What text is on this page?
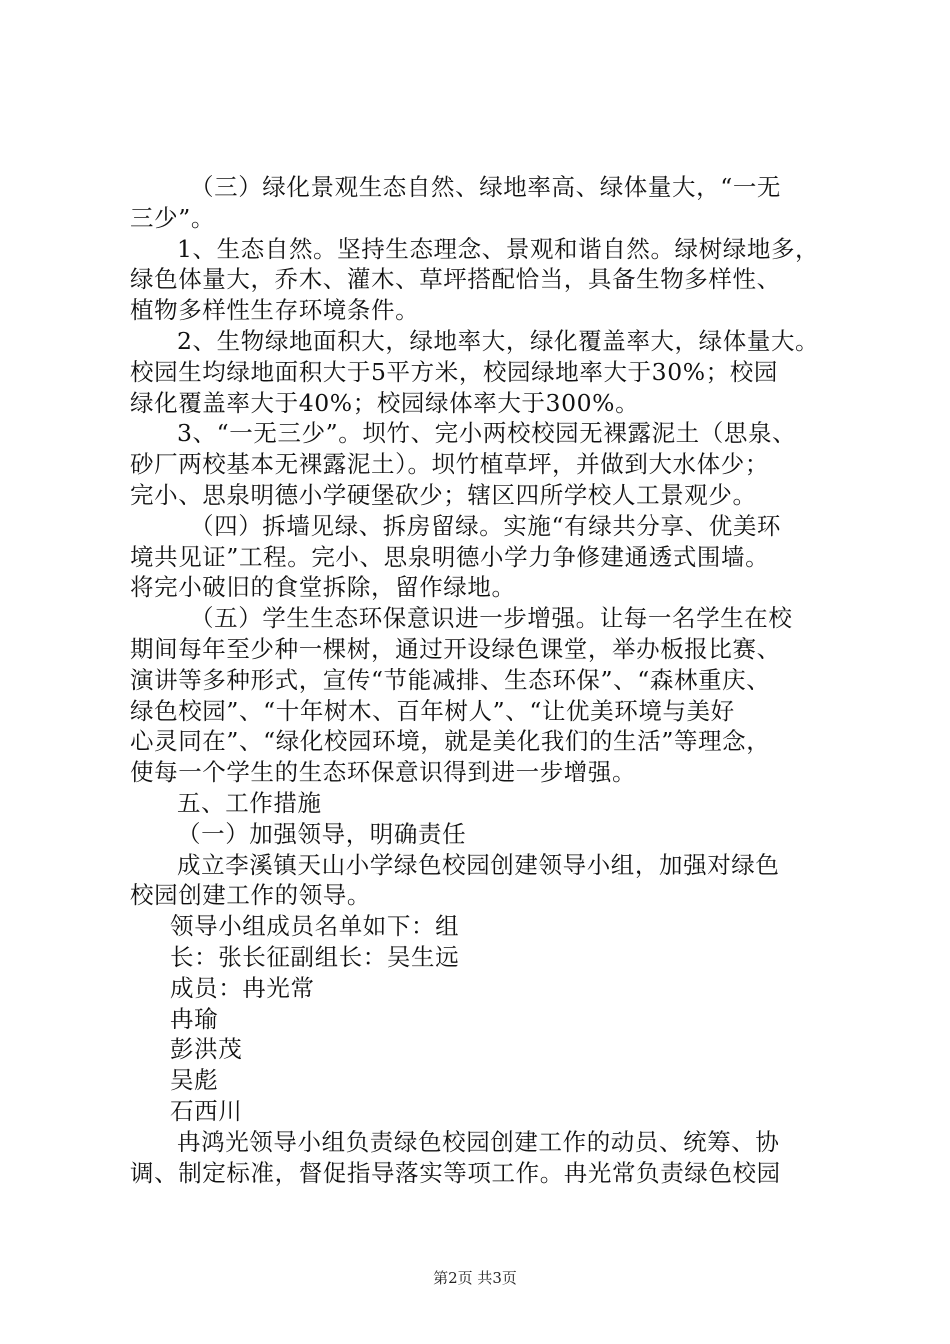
（三）绿化景观生态自然、绿地率高、绿体量大，“一无
三少”。
1、生态自然。坚持生态理念、景观和谐自然。绿树绿地多，
绿色体量大，乔木、灌木、草坪搭配恰当，具备生物多样性、
植物多样性生存环境条件。
2、生物绿地面积大，绿地率大，绿化覆盖率大，绿体量大。
校园生均绿地面积大于5平方米，校园绿地率大于30%；校园
绿化覆盖率大于40%；校园绿体率大于300%。
3、“一无三少”。坝竹、完小两校校园无裸露泥土（思泉、
砂厂两校基本无裸露泥土）。坝竹植草坪，并做到大水体少；
完小、思泉明德小学硬堡砍少；辖区四所学校人工景观少。
（四）拆墙见绿、拆房留绿。实施“有绿共分享、优美环
境共见证”工程。完小、思泉明德小学力争修建通透式围墙。
将完小破旧的食堂拆除，留作绿地。
（五）学生生态环保意识进一步增强。让每一名学生在校
期间每年至少种一棵树，通过开设绿色课堂，举办板报比赛、
演讲等多种形式，宣传“节能减排、生态环保”、“森林重庆、
绿色校园”、“十年树木、百年树人”、“让优美环境与美好
心灵同在”、“绿化校园环境，就是美化我们的生活”等理念，
使每一个学生的生态环保意识得到进一步增强。
五、工作措施
（一）加强领导，明确责任
成立李溪镇天山小学绿色校园创建领导小组，加强对绿色
校园创建工作的领导。
领导小组成员名单如下：组
长：张长征副组长：吴生远
成员：冉光常
冉瑜
彭洪茂
吴彪
石西川
冉鸿光领导小组负责绿色校园创建工作的动员、统筹、协
调、制定标准，督促指导落实等项工作。冉光常负责绿色校园
第2页 共3页
